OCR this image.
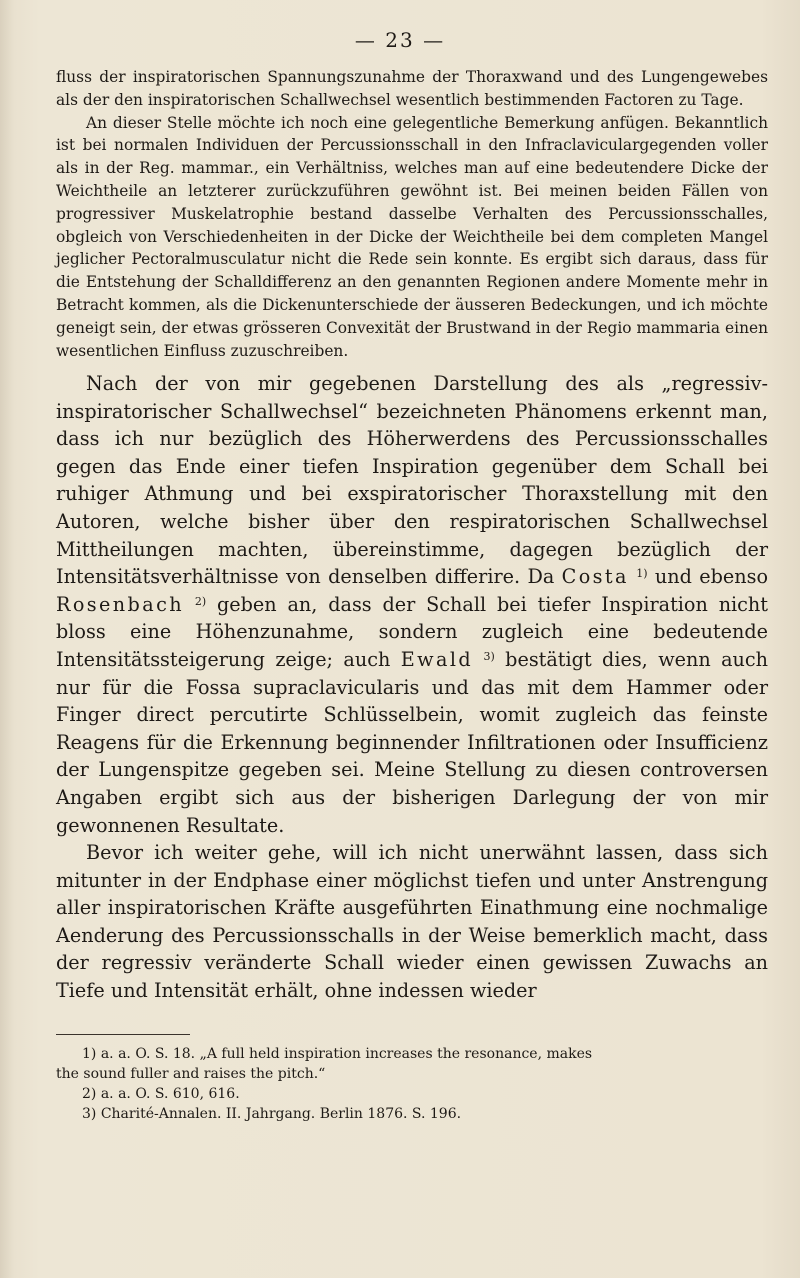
— 23 —

fluss der inspiratorischen Spannungszunahme der Thoraxwand und des Lungengewebes als der den inspiratorischen Schallwechsel wesentlich bestimmenden Factoren zu Tage.

An dieser Stelle möchte ich noch eine gelegentliche Bemerkung anfügen. Bekanntlich ist bei normalen Individuen der Percussionsschall in den Infraclaviculargegenden voller als in der Reg. mammar., ein Verhältniss, welches man auf eine bedeutendere Dicke der Weichtheile an letzterer zurückzuführen gewöhnt ist. Bei meinen beiden Fällen von progressiver Muskelatrophie bestand dasselbe Verhalten des Percussionsschalles, obgleich von Verschiedenheiten in der Dicke der Weichtheile bei dem completen Mangel jeglicher Pectoralmusculatur nicht die Rede sein konnte. Es ergibt sich daraus, dass für die Entstehung der Schalldifferenz an den genannten Regionen andere Momente mehr in Betracht kommen, als die Dickenunterschiede der äusseren Bedeckungen, und ich möchte geneigt sein, der etwas grösseren Convexität der Brustwand in der Regio mammaria einen wesentlichen Einfluss zuzuschreiben.

Nach der von mir gegebenen Darstellung des als „regressiv-inspiratorischer Schallwechsel“ bezeichneten Phänomens erkennt man, dass ich nur bezüglich des Höherwerdens des Percussionsschalles gegen das Ende einer tiefen Inspiration gegenüber dem Schall bei ruhiger Athmung und bei exspiratorischer Thoraxstellung mit den Autoren, welche bisher über den respiratorischen Schallwechsel Mittheilungen machten, übereinstimme, dagegen bezüglich der Intensitätsverhältnisse von denselben differire. Da Costa $^{1)}$ und ebenso Rosenbach $^{2)}$ geben an, dass der Schall bei tiefer Inspiration nicht bloss eine Höhenzunahme, sondern zugleich eine bedeutende Intensitätssteigerung zeige; auch Ewald $^{3)}$ bestätigt dies, wenn auch nur für die Fossa supraclavicularis und das mit dem Hammer oder Finger direct percutirte Schlüsselbein, womit zugleich das feinste Reagens für die Erkennung beginnender Infiltrationen oder Insufficienz der Lungenspitze gegeben sei. Meine Stellung zu diesen controversen Angaben ergibt sich aus der bisherigen Darlegung der von mir gewonnenen Resultate.

Bevor ich weiter gehe, will ich nicht unerwähnt lassen, dass sich mitunter in der Endphase einer möglichst tiefen und unter Anstrengung aller inspiratorischen Kräfte ausgeführten Einathmung eine nochmalige Aenderung des Percussionsschalls in der Weise bemerklich macht, dass der regressiv veränderte Schall wieder einen gewissen Zuwachs an Tiefe und Intensität erhält, ohne indessen wieder

1) a. a. O. S. 18. „A full held inspiration increases the resonance, makes

the sound fuller and raises the pitch.“

2) a. a. O. S. 610, 616.

3) Charité-Annalen. II. Jahrgang. Berlin 1876. S. 196.
